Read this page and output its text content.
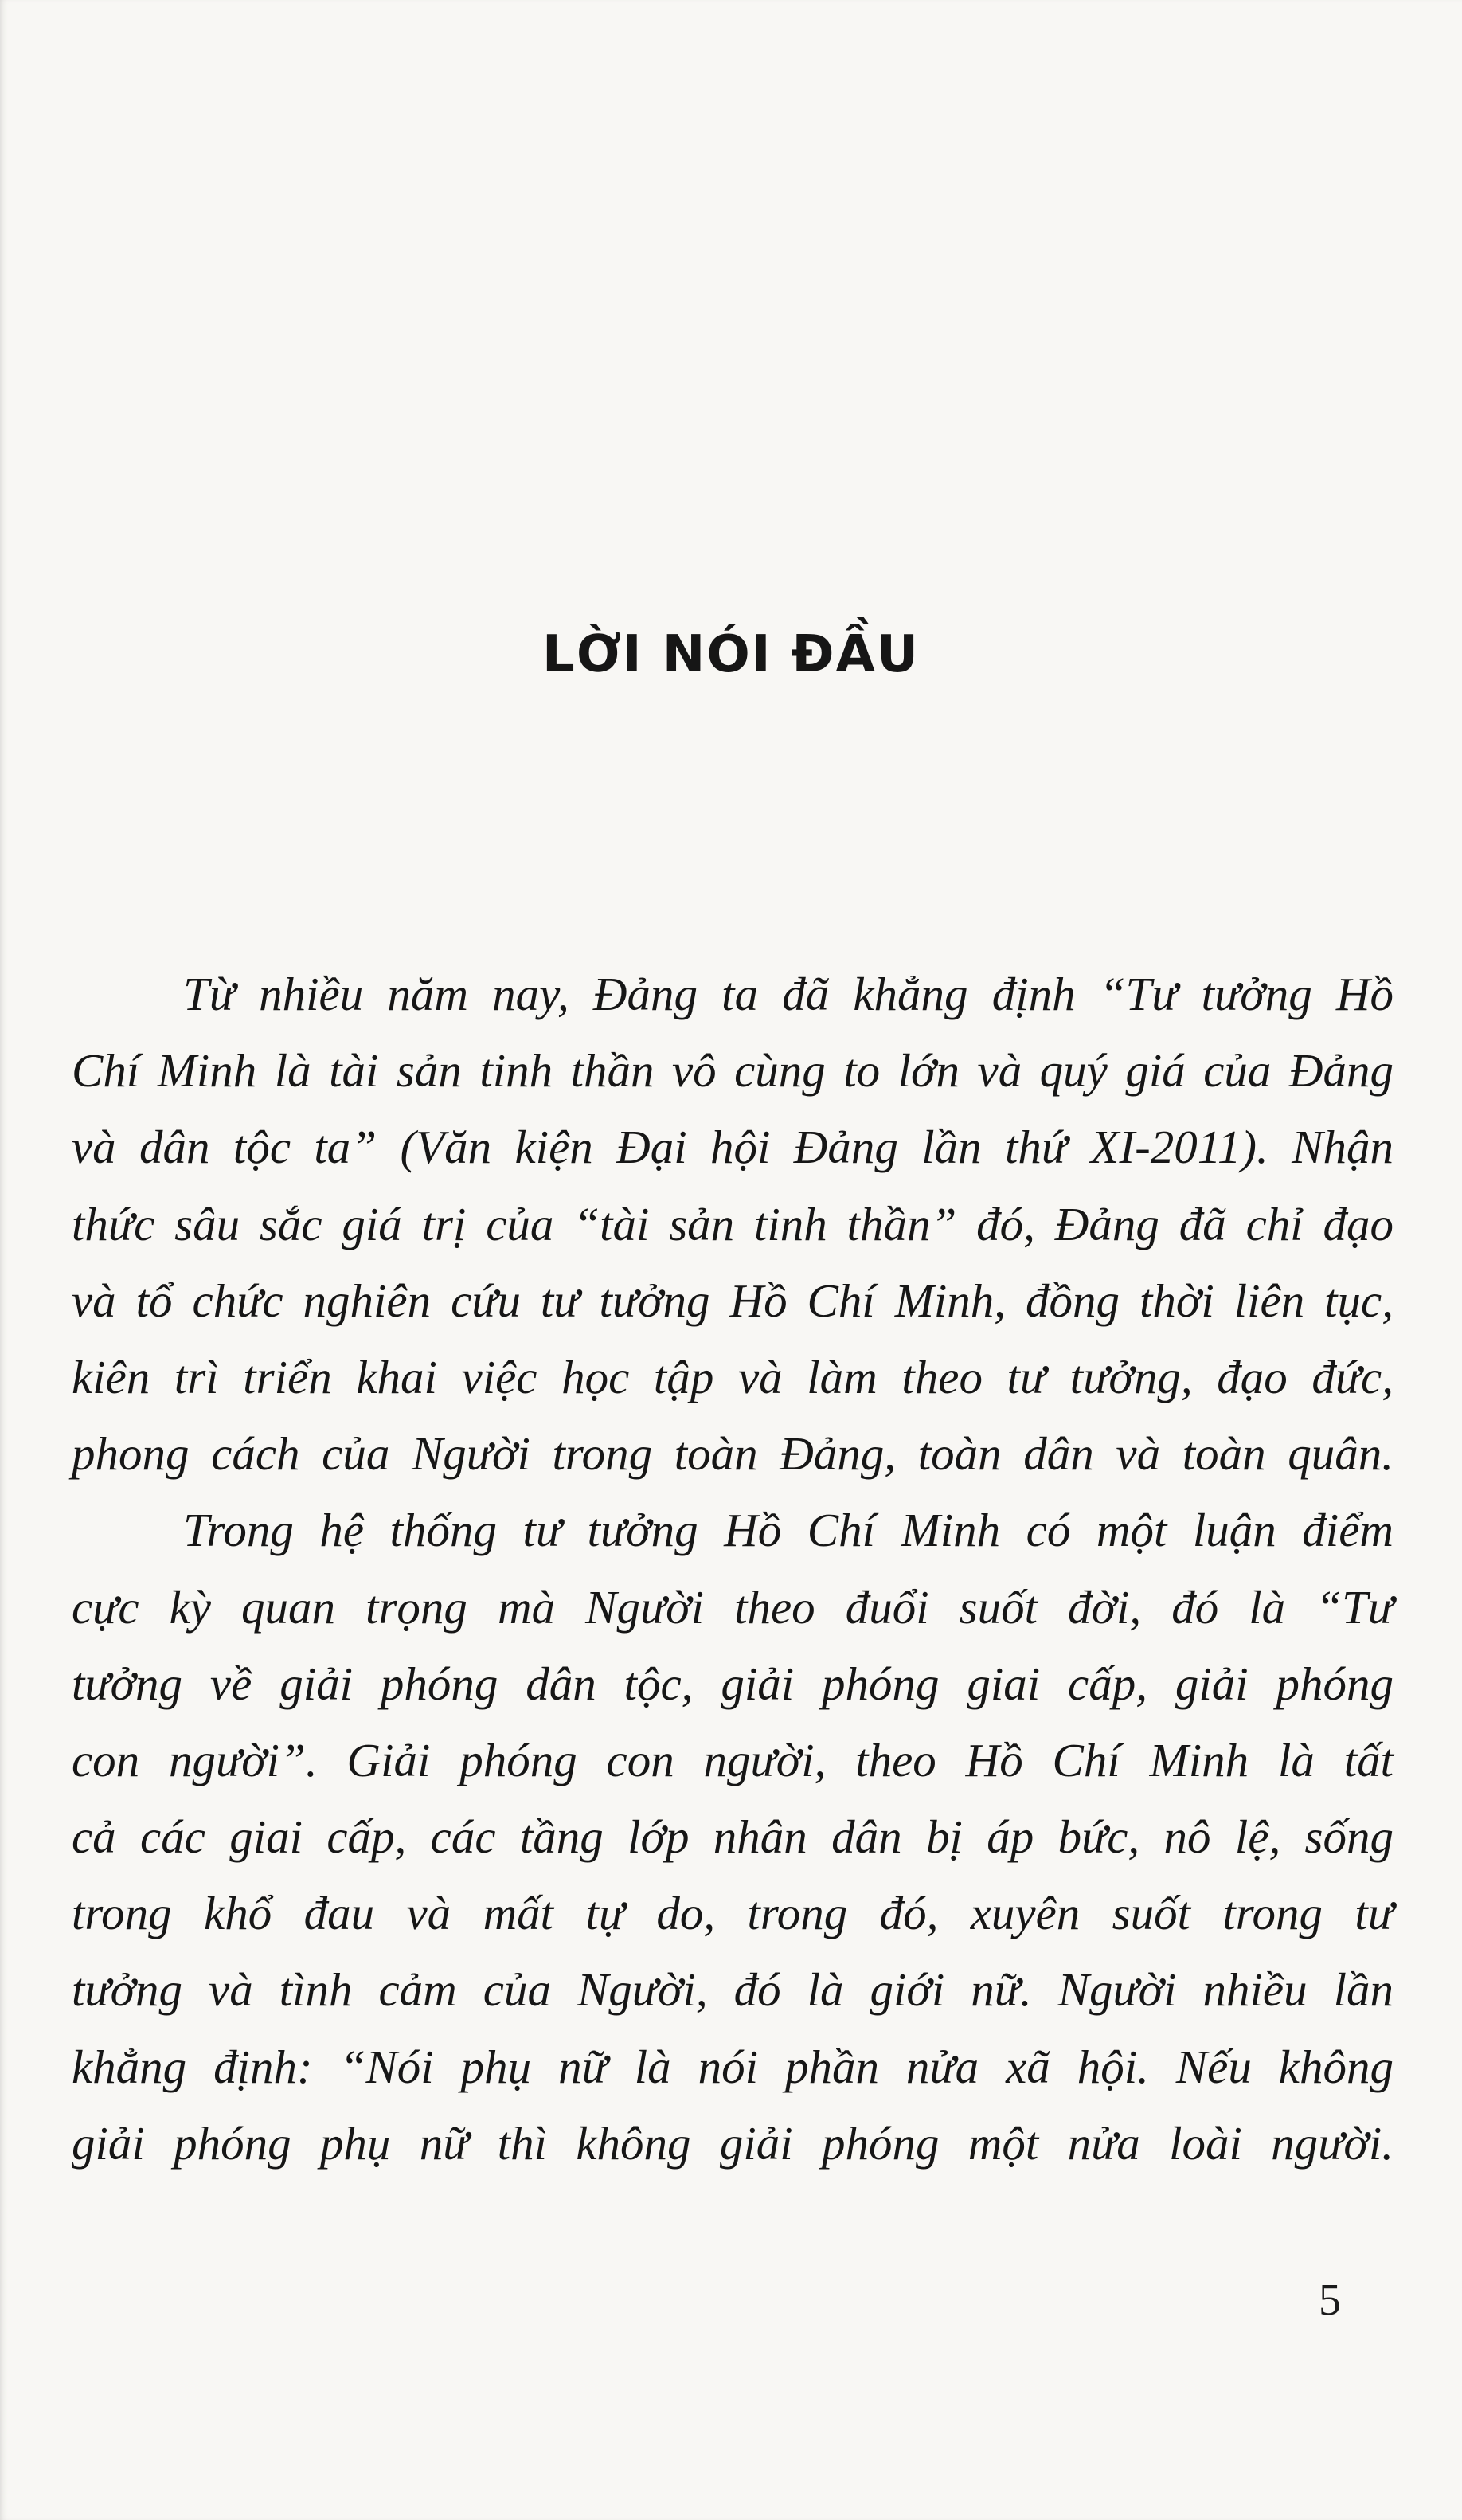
LỜI NÓI ĐẦU
Từ nhiều năm nay, Đảng ta đã khẳng định “Tư tưởng Hồ
Chí Minh là tài sản tinh thần vô cùng to lớn và quý giá của Đảng
và dân tộc ta” (Văn kiện Đại hội Đảng lần thứ XI-2011). Nhận
thức sâu sắc giá trị của “tài sản tinh thần” đó, Đảng đã chỉ đạo
và tổ chức nghiên cứu tư tưởng Hồ Chí Minh, đồng thời liên tục,
kiên trì triển khai việc học tập và làm theo tư tưởng, đạo đức,
phong cách của Người trong toàn Đảng, toàn dân và toàn quân.
Trong hệ thống tư tưởng Hồ Chí Minh có một luận điểm
cực kỳ quan trọng mà Người theo đuổi suốt đời, đó là “Tư
tưởng về giải phóng dân tộc, giải phóng giai cấp, giải phóng
con người”. Giải phóng con người, theo Hồ Chí Minh là tất
cả các giai cấp, các tầng lớp nhân dân bị áp bức, nô lệ, sống
trong khổ đau và mất tự do, trong đó, xuyên suốt trong tư
tưởng và tình cảm của Người, đó là giới nữ. Người nhiều lần
khẳng định: “Nói phụ nữ là nói phần nửa xã hội. Nếu không
giải phóng phụ nữ thì không giải phóng một nửa loài người.
5
